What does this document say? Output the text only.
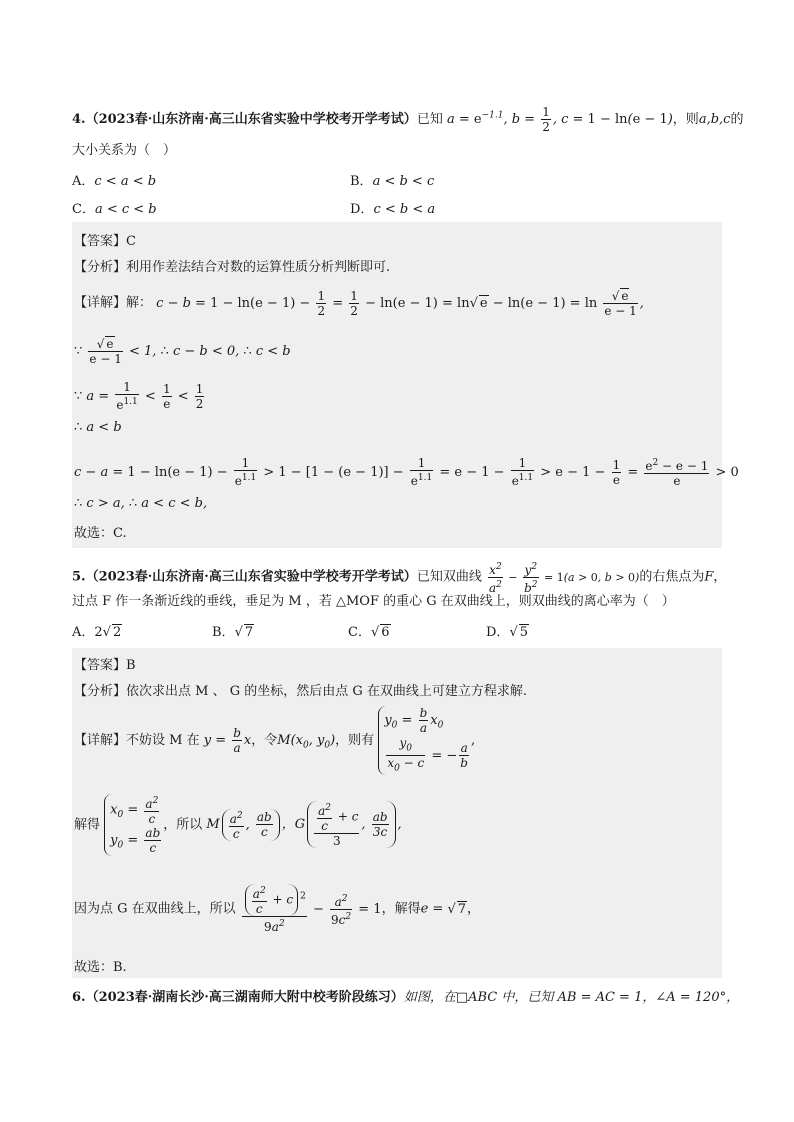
4.（2023春·山东济南·高三山东省实验中学校考开学考试）已知 $a = e^{-1.1}$, $b = \frac{1}{2}$ , c = 1 − ln(e − 1)，则a,b,c的
大小关系为（　）
A．c < a < b	B．a < b < c
C．a < c < b	D．c < b < a
【答案】C
【分析】利用作差法结合对数的运算性质分析判断即可.
【详解】解： $c - b = 1 - \ln(e - 1) - \frac{1}{2} = \frac{1}{2} - \ln(e - 1) = \ln√$ $e - \ln(e - 1) = \ln \frac{√ e}{e - 1}$ ,
∵ $\frac{√ e}{e - 1} < 1$, ∴ c − b < 0, ∴ c < b
∵ $a = \frac{1}{e^{1.1}} < \frac{1}{e} < \frac{1}{2}$
∴ a < b
$c - a = 1 - \ln(e - 1) - \frac{1}{e^{1.1}} > 1 - [1 - (e - 1)] - \frac{1}{e^{1.1}} = e - 1 - \frac{1}{e^{1.1}} > e - 1 - \frac{1}{e} = \frac{e^2 - e - 1}{e} > 0$
∴ c > a, ∴ a < c < b,
故选：C.
5.（2023春·山东济南·高三山东省实验中学校考开学考试）已知双曲线 $\frac{x^2}{a^2} - \frac{y^2}{b^2} = 1(a > 0$, b > 0)的右焦点为F，
过点 F 作一条渐近线的垂线，垂足为 M ，若 △MOF 的重心 G 在双曲线上，则双曲线的离心率为（　）
A．2√ 2	B．√ 7	C．√ 6	D．√ 5
【答案】B
【分析】依次求出点 M 、 G 的坐标，然后由点 G 在双曲线上可建立方程求解.
【详解】不妨设 M 在 $y = \frac{b}{a}$ x，令$M(x_0$, $y_0$)，则有
$y_0 = \frac{b}{a} x_0$
$\frac{y_0}{x_0 - c}$ = − $\frac{a}{b}$
,
解得
$x_0 = \frac{a^2}{c}$
$y_0 = \frac{ab}{c}$
，所以 M $\frac{a^2}{c}$ , $\frac{ab}{c}$ ，G $\frac{\frac{a^2}{c} + c}{3}$ , $\frac{ab}{3c}$ ,
因为点 G 在双曲线上，所以 $\frac{\frac{a^2}{c} + c ^2}{9a^2} - \frac{a^2}{9c^2} = 1$，解得e = √ 7，
故选：B.
6.（2023春·湖南长沙·高三湖南师大附中校考阶段练习）如图，在□ABC 中，已知 AB = AC = 1，∠A = 120°，
